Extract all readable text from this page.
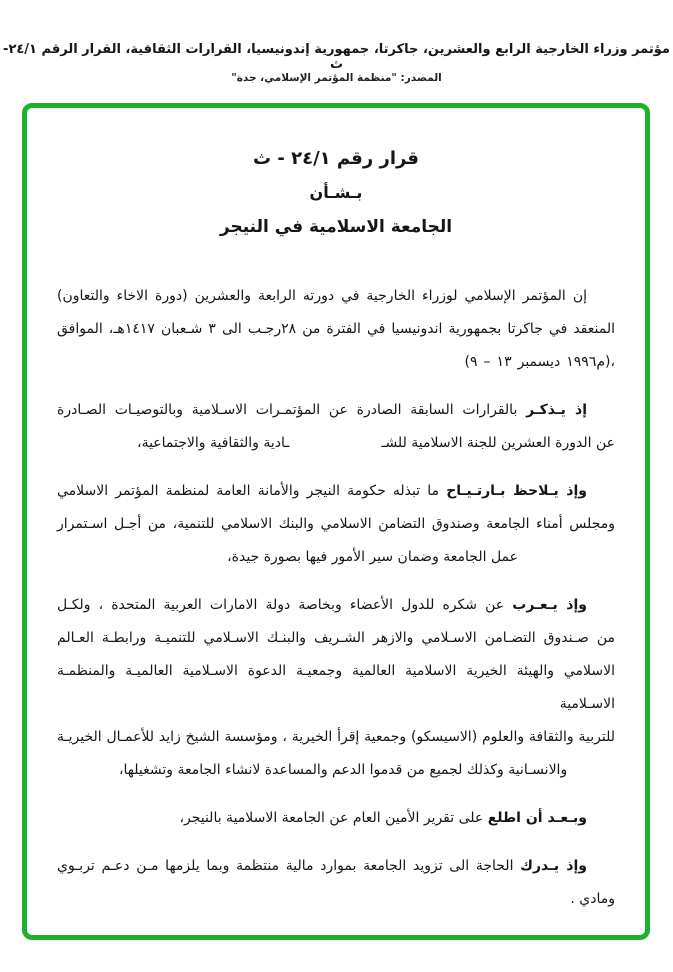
مؤتمر وزراء الخارجية الرابع والعشرين، جاكرتا، جمهورية إندونيسيا، القرارات الثقافية، القرار الرقم ٢٤/١-ث
المصدر: "منظمة المؤتمر الإسلامي، جدة"
قرار رقم ٢٤/١ - ث
بـشـأن
الجامعة الاسلامية في النيجر
إن المؤتمر الإسلامي لوزراء الخارجية في دورته الرابعة والعشرين (دورة الاخاء والتعاون)
المنعقد في جاكرتا بجمهورية اندونيسيا في الفترة من ٢٨رجـب الى ٣ شـعبان ١٤١٧هـ، الموافق
(٩ – ١٣ ديسمبر ١٩٩٦م)،
إذ يـذكـر بالقرارات السابقة الصادرة عن المؤتمـرات الاسـلامية وبالتوصيـات الصـادرة
عن الدورة العشرين للجنة الاسلامية للشــادية والثقافية والاجتماعية،
وإذ يـلاحظ بـارتـيـاح ما تبذله حكومة النيجر والأمانة العامة لمنظمة المؤتمر الاسلامي
ومجلس أمناء الجامعة وصندوق التضامن الاسلامي والبنك الاسلامي للتنمية، من أجـل اسـتمرار
عمل الجامعة وضمان سير الأمور فيها بصورة جيدة،
وإذ يـعـرب عن شكره للدول الأعضاء وبخاصة دولة الامارات العربية المتحدة ، ولكـل
من صـندوق التضـامن الاسـلامي والازهر الشـريف والبنـك الاسـلامي للتنميـة ورابطـة العـالم
الاسلامي والهيئة الخيرية الاسلامية العالمية وجمعيـة الدعوة الاسـلامية العالميـة والمنظمـة الاسـلامية
للتربية والثقافة والعلوم (الاسيسكو) وجمعية إقرأ الخيرية ، ومؤسسة الشيخ زايد للأعمـال الخيريـة
والانسـانية وكذلك لجميع من قدموا الدعم والمساعدة لانشاء الجامعة وتشغيلها،
وبـعـد أن اطلع على تقرير الأمين العام عن الجامعة الاسلامية بالنيجر،
وإذ يـدرك الحاجة الى تزويد الجامعة بموارد مالية منتظمة وبما يلزمها مـن دعـم تربـوي
ومادي .
